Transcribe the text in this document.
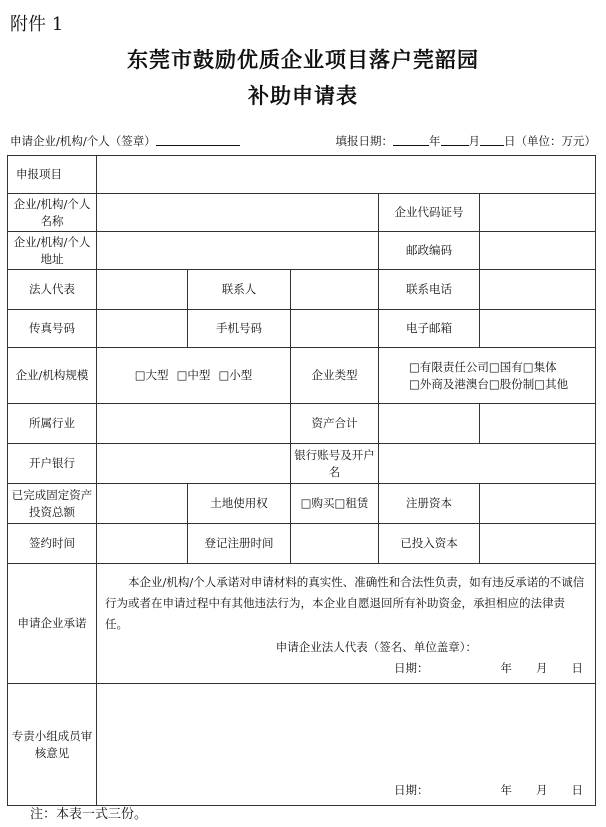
附件 1
东莞市鼓励优质企业项目落户莞韶园
补助申请表
申请企业/机构/个人（签章）	填报日期：	年 月 日（单位：万元）
申报项目					
企业/机构/个人名称				企业代码证号	
企业/机构/个人地址				邮政编码	
法人代表		联系人		联系电话	
传真号码		手机号码		电子邮箱	
企业/机构规模	□大型 □中型 □小型		企业类型	□有限责任公司□国有□集体
□外商及港澳台□股份制□其他	

所属行业			资产合计		
开户银行			银行账号及开户名		
已完成固定资产投资总额		土地使用权	□购买□租赁	注册资本	
签约时间		登记注册时间		已投入资本	
申请企业承诺	本企业/机构/个人承诺对申请材料的真实性、准确性和合法性负责，如有违反承诺的不诚信行为或者在申请过程中有其他违法行为，本企业自愿退回所有补助资金，承担相应的法律责任。

申请企业法人代表（签名、单位盖章）：
日期： 年 月 日				

专责小组成员审核意见	日期： 年 月 日				
注：本表一式三份。
